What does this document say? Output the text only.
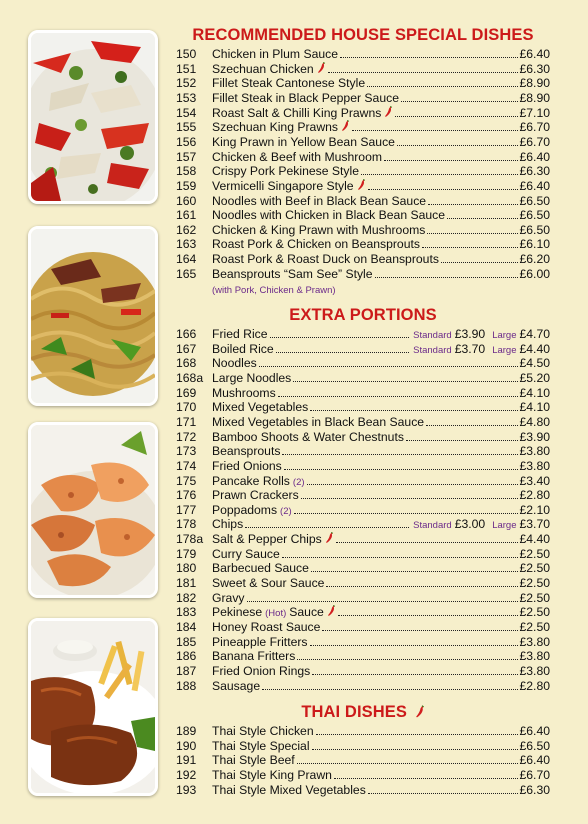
RECOMMENDED HOUSE SPECIAL DISHES
150	Chicken in Plum Sauce	£6.40
151	Szechuan Chicken	£6.30
152	Fillet Steak Cantonese Style	£8.90
153	Fillet Steak in Black Pepper Sauce	£8.90
154	Roast Salt & Chilli King Prawns	£7.10
155	Szechuan King Prawns	£6.70
156	King Prawn in Yellow Bean Sauce	£6.70
157	Chicken & Beef with Mushroom	£6.40
158	Crispy Pork Pekinese Style	£6.30
159	Vermicelli Singapore Style	£6.40
160	Noodles with Beef in Black Bean Sauce	£6.50
161	Noodles with Chicken in Black Bean Sauce	£6.50
162	Chicken & King Prawn with Mushrooms	£6.50
163	Roast Pork & Chicken on Beansprouts	£6.10
164	Roast Pork & Roast Duck on Beansprouts	£6.20
165	Beansprouts “Sam See” Style	£6.00
(with Pork, Chicken & Prawn)
EXTRA PORTIONS
166	Fried Rice	Standard £3.90 Large £4.70
167	Boiled Rice	Standard £3.70 Large £4.40
168	Noodles	£4.50
168a Large Noodles	£5.20
169	Mushrooms	£4.10
170	Mixed Vegetables	£4.10
171	Mixed Vegetables in Black Bean Sauce	£4.80
172	Bamboo Shoots & Water Chestnuts	£3.90
173	Beansprouts	£3.80
174	Fried Onions	£3.80
175	Pancake Rolls (2)	£3.40
176	Prawn Crackers	£2.80
177	Poppadoms (2)	£2.10
178	Chips	Standard £3.00 Large £3.70
178a Salt & Pepper Chips	£4.40
179	Curry Sauce	£2.50
180	Barbecued Sauce	£2.50
181	Sweet & Sour Sauce	£2.50
182	Gravy	£2.50
183	Pekinese (Hot) Sauce	£2.50
184	Honey Roast Sauce	£2.50
185	Pineapple Fritters	£3.80
186	Banana Fritters	£3.80
187	Fried Onion Rings	£3.80
188	Sausage	£2.80
THAI DISHES
189	Thai Style Chicken	£6.40
190	Thai Style Special	£6.50
191	Thai Style Beef	£6.40
192	Thai Style King Prawn	£6.70
193	Thai Style Mixed Vegetables	£6.30
